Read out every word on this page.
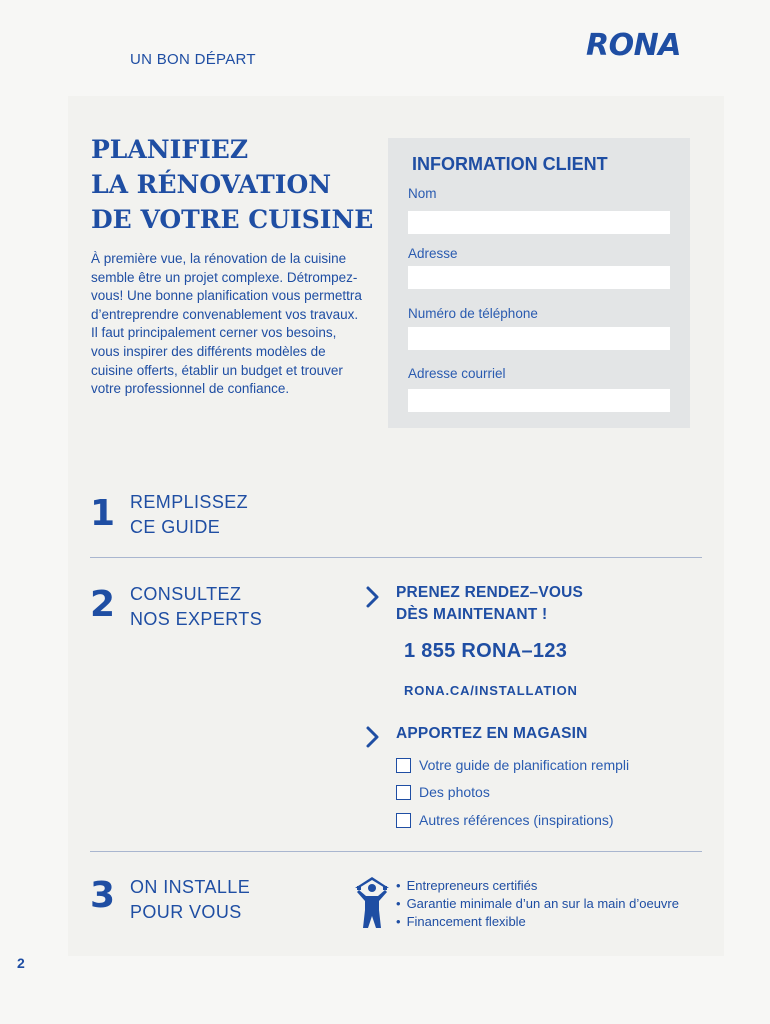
UN BON DÉPART	RONA
PLANIFIEZ
LA RÉNOVATION
DE VOTRE CUISINE

À première vue, la rénovation de la cuisine semble être un projet complexe. Détrompez-vous! Une bonne planification vous permettra d’entreprendre convenablement vos travaux. Il faut principalement cerner vos besoins, vous inspirer des différents modèles de cuisine offerts, établir un budget et trouver votre professionnel de confiance.

INFORMATION CLIENT
Nom
Adresse
Numéro de téléphone
Adresse courriel
1 REMPLISSEZ
CE GUIDE
2 CONSULTEZ
NOS EXPERTS
PRENEZ RENDEZ–VOUS
DÈS MAINTENANT !
1 855 RONA–123
RONA.CA/INSTALLATION
APPORTEZ EN MAGASIN
Votre guide de planification rempli
Des photos
Autres références (inspirations)
3 ON INSTALLE
POUR VOUS
• Entrepreneurs certifiés
• Garantie minimale d’un an sur la main d’oeuvre
• Financement flexible
2
